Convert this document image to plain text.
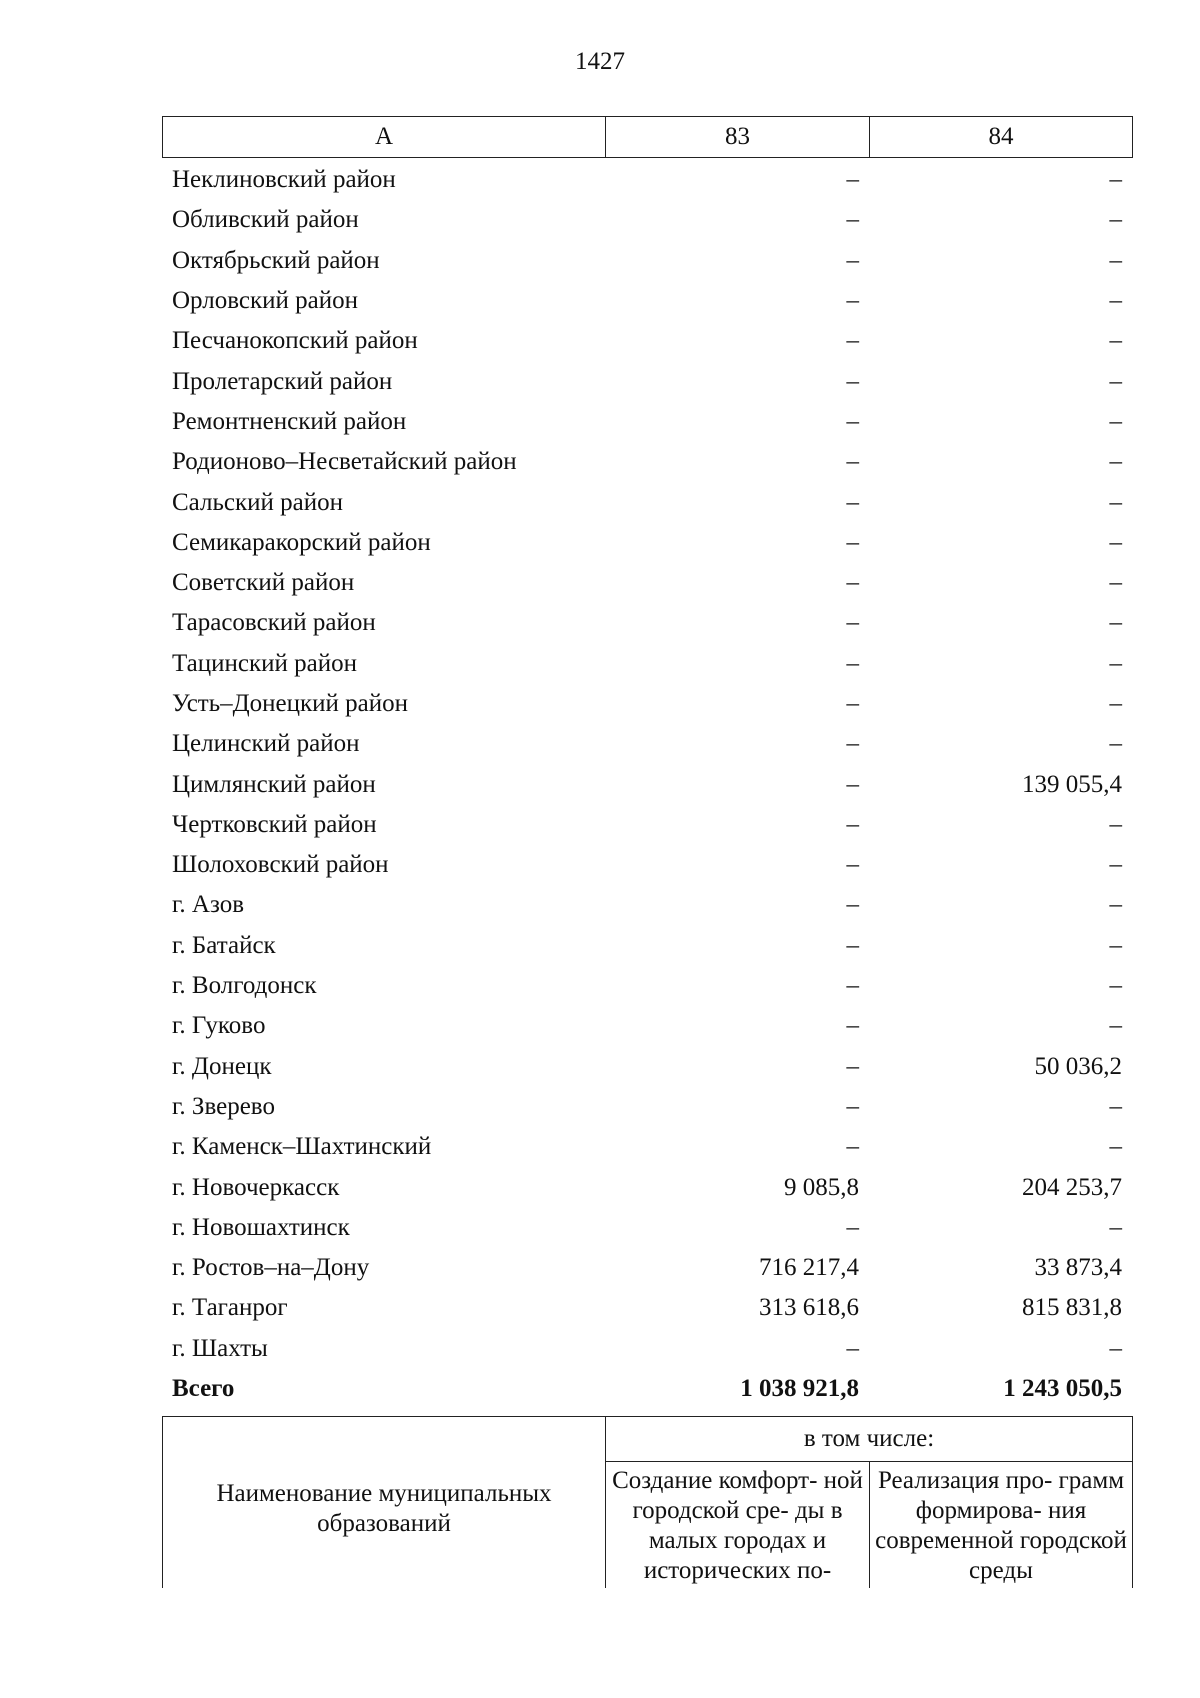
1427
А	83	84
Неклиновский район	–	–
Обливский район	–	–
Октябрьский район	–	–
Орловский район	–	–
Песчанокопский район	–	–
Пролетарский район	–	–
Ремонтненский район	–	–
Родионово–Несветайский район	–	–
Сальский район	–	–
Семикаракорский район	–	–
Советский район	–	–
Тарасовский район	–	–
Тацинский район	–	–
Усть–Донецкий район	–	–
Целинский район	–	–
Цимлянский район	–	139 055,4
Чертковский район	–	–
Шолоховский район	–	–
г. Азов	–	–
г. Батайск	–	–
г. Волгодонск	–	–
г. Гуково	–	–
г. Донецк	–	50 036,2
г. Зверево	–	–
г. Каменск–Шахтинский	–	–
г. Новочеркасск	9 085,8	204 253,7
г. Новошахтинск	–	–
г. Ростов–на–Дону	716 217,4	33 873,4
г. Таганрог	313 618,6	815 831,8
г. Шахты	–	–
Всего	1 038 921,8	1 243 050,5
Наименование муниципальных образований	в том числе:	
	Создание комфорт- ной городской сре- ды в малых городах и исторических по-	Реализация про- грамм формирова- ния современной городской среды
